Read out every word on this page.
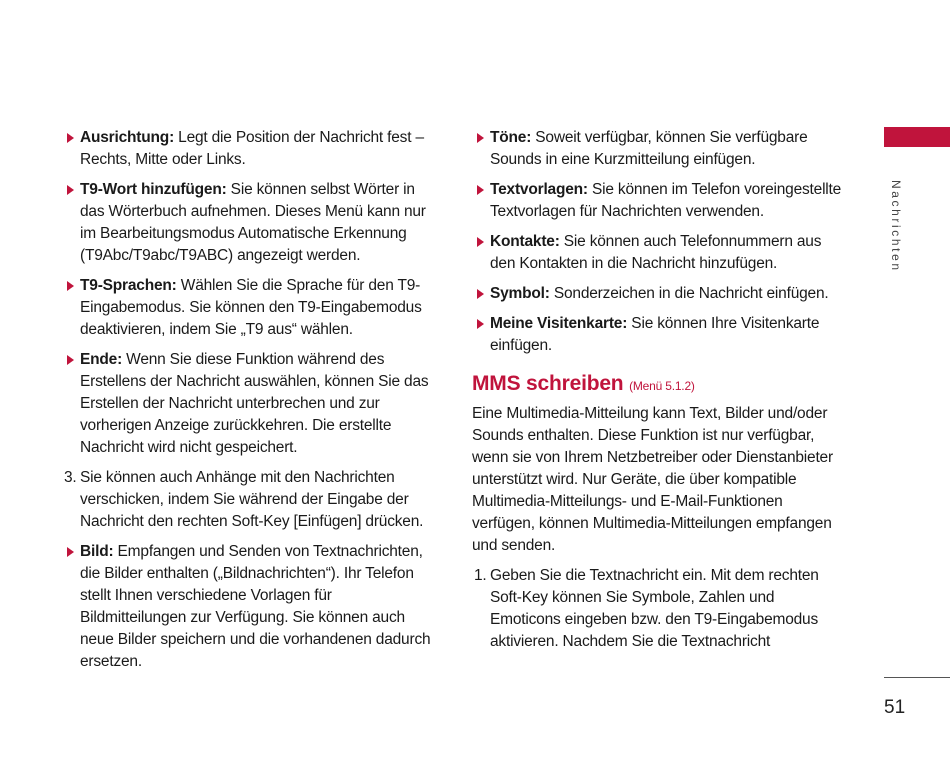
Ausrichtung: Legt die Position der Nachricht fest – Rechts, Mitte oder Links.
T9-Wort hinzufügen: Sie können selbst Wörter in das Wörterbuch aufnehmen. Dieses Menü kann nur im Bearbeitungsmodus Automatische Erkennung (T9Abc/T9abc/T9ABC) angezeigt werden.
T9-Sprachen: Wählen Sie die Sprache für den T9-Eingabemodus. Sie können den T9-Eingabemodus deaktivieren, indem Sie „T9 aus“ wählen.
Ende: Wenn Sie diese Funktion während des Erstellens der Nachricht auswählen, können Sie das Erstellen der Nachricht unterbrechen und zur vorherigen Anzeige zurückkehren. Die erstellte Nachricht wird nicht gespeichert.
3. Sie können auch Anhänge mit den Nachrichten verschicken, indem Sie während der Eingabe der Nachricht den rechten Soft-Key [Einfügen] drücken.
Bild: Empfangen und Senden von Textnachrichten, die Bilder enthalten („Bildnachrichten“). Ihr Telefon stellt Ihnen verschiedene Vorlagen für Bildmitteilungen zur Verfügung. Sie können auch neue Bilder speichern und die vorhandenen dadurch ersetzen.
Töne: Soweit verfügbar, können Sie verfügbare Sounds in eine Kurzmitteilung einfügen.
Textvorlagen: Sie können im Telefon voreingestellte Textvorlagen für Nachrichten verwenden.
Kontakte: Sie können auch Telefonnummern aus den Kontakten in die Nachricht hinzufügen.
Symbol: Sonderzeichen in die Nachricht einfügen.
Meine Visitenkarte: Sie können Ihre Visitenkarte einfügen.
MMS schreiben (Menü 5.1.2)
Eine Multimedia-Mitteilung kann Text, Bilder und/oder Sounds enthalten. Diese Funktion ist nur verfügbar, wenn sie von Ihrem Netzbetreiber oder Dienstanbieter unterstützt wird. Nur Geräte, die über kompatible Multimedia-Mitteilungs- und E-Mail-Funktionen verfügen, können Multimedia-Mitteilungen empfangen und senden.
1. Geben Sie die Textnachricht ein. Mit dem rechten Soft-Key können Sie Symbole, Zahlen und Emoticons eingeben bzw. den T9-Eingabemodus aktivieren. Nachdem Sie die Textnachricht
Nachrichten
51
